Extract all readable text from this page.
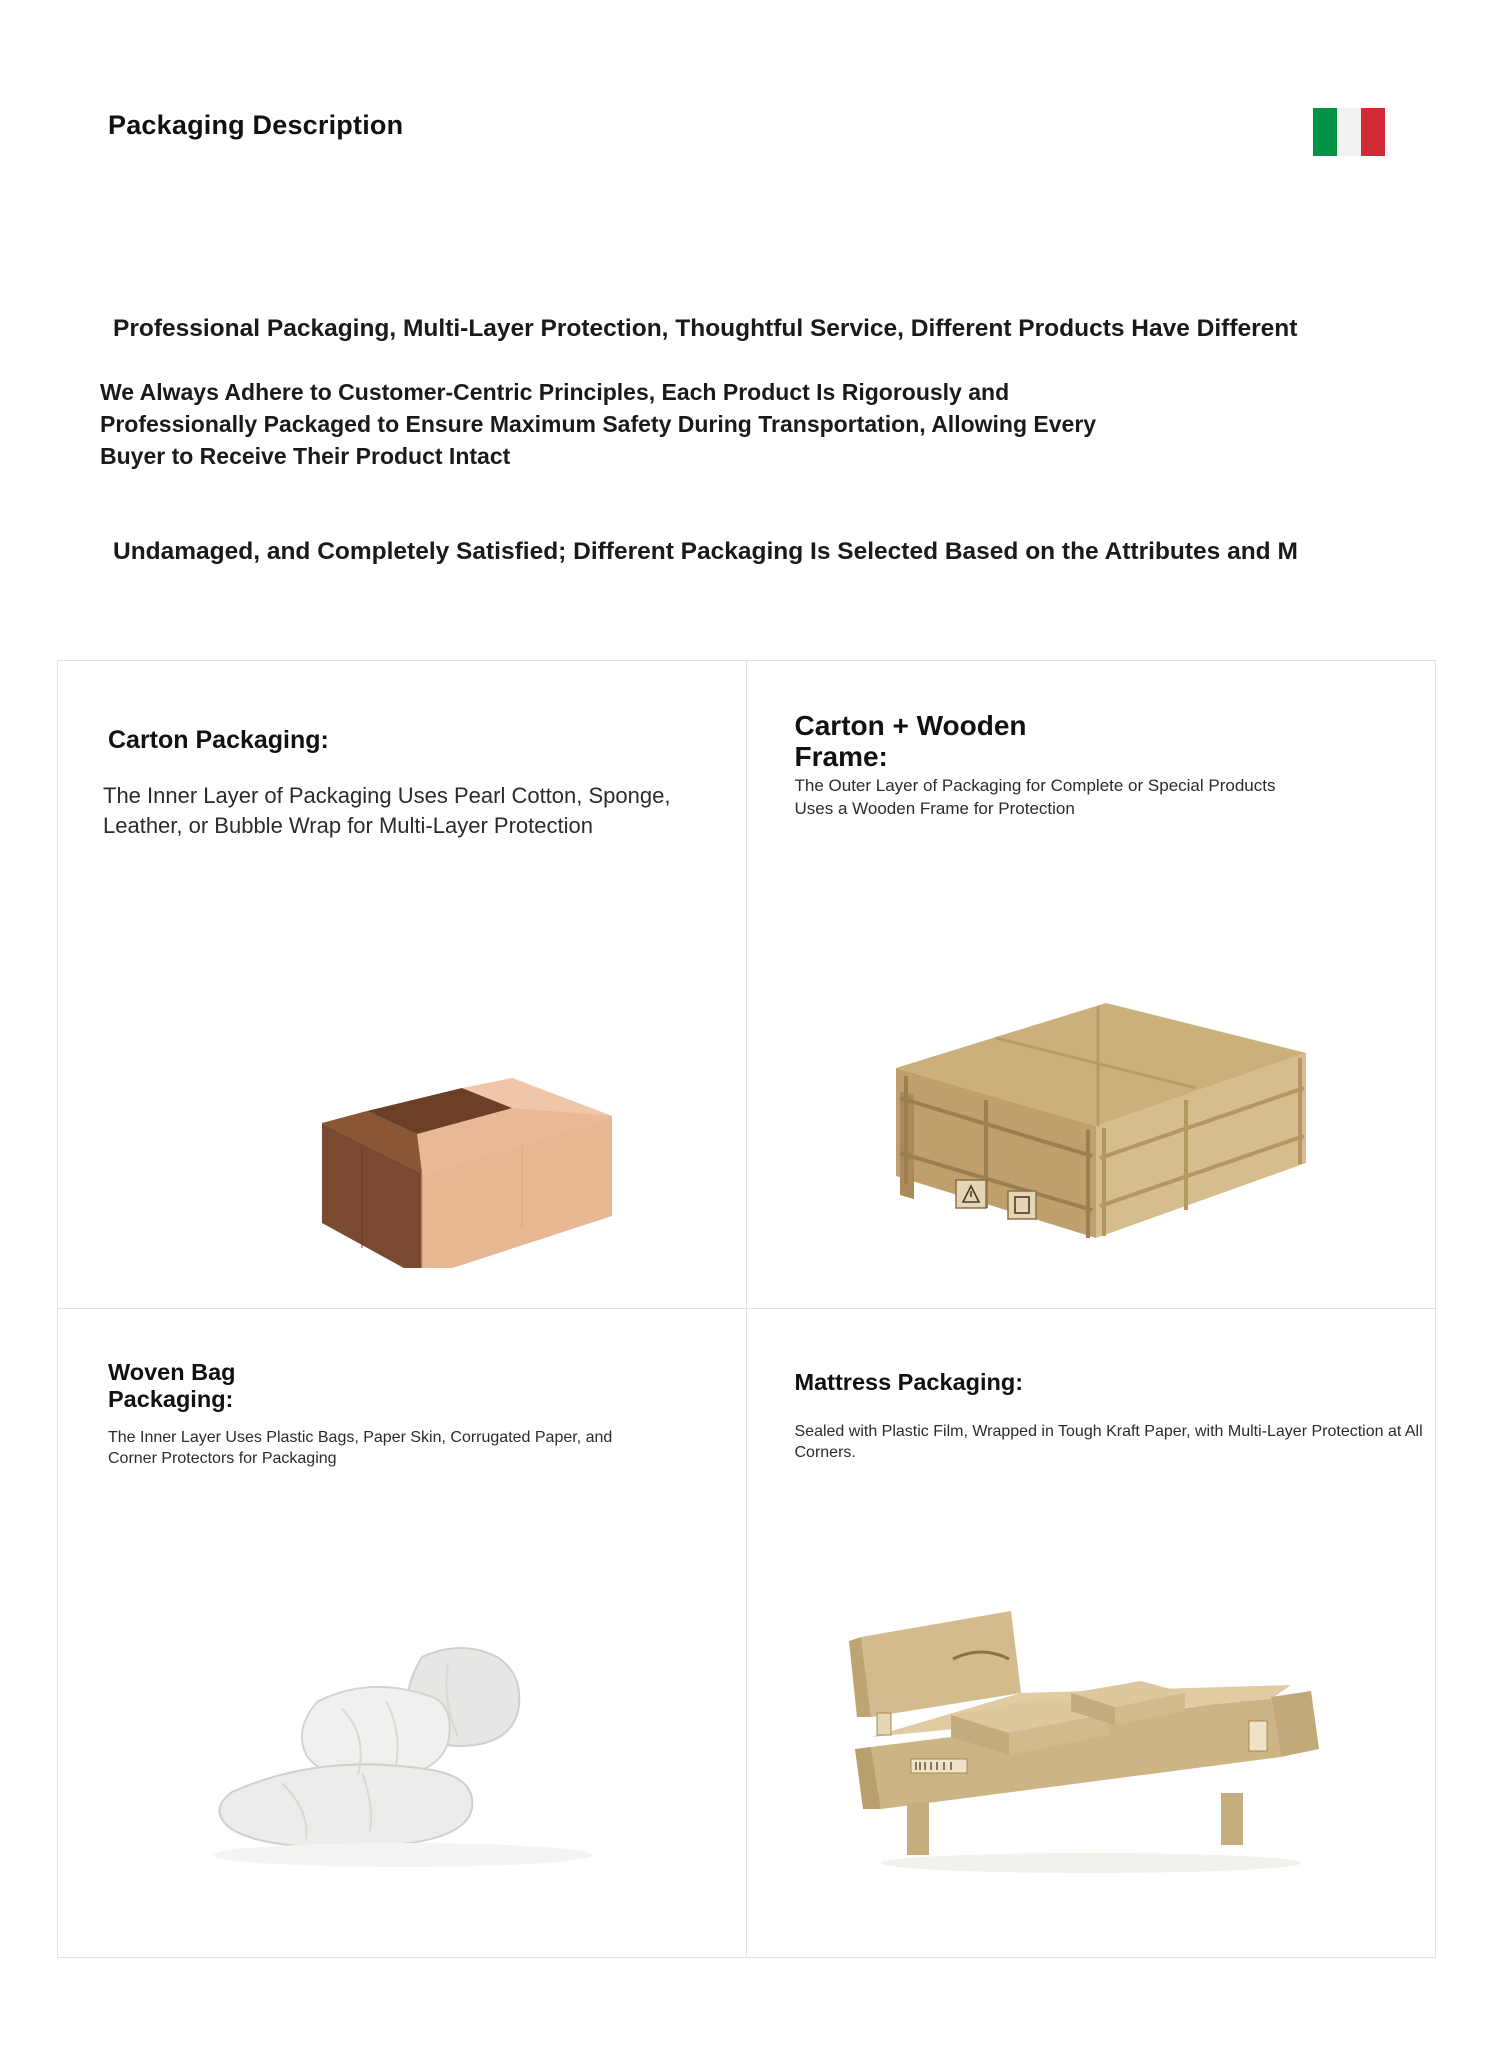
Packaging Description
Professional Packaging, Multi-Layer Protection, Thoughtful Service, Different Products Have Different
We Always Adhere to Customer-Centric Principles, Each Product Is Rigorously and Professionally Packaged to Ensure Maximum Safety During Transportation, Allowing Every Buyer to Receive Their Product Intact
Undamaged, and Completely Satisfied; Different Packaging Is Selected Based on the Attributes and M
Carton Packaging:
The Inner Layer of Packaging Uses Pearl Cotton, Sponge, Leather, or Bubble Wrap for Multi-Layer Protection
Carton + Wooden Frame:
The Outer Layer of Packaging for Complete or Special Products Uses a Wooden Frame for Protection
Woven Bag Packaging:
The Inner Layer Uses Plastic Bags, Paper Skin, Corrugated Paper, and Corner Protectors for Packaging
Mattress Packaging:
Sealed with Plastic Film, Wrapped in Tough Kraft Paper, with Multi-Layer Protection at All Corners.
